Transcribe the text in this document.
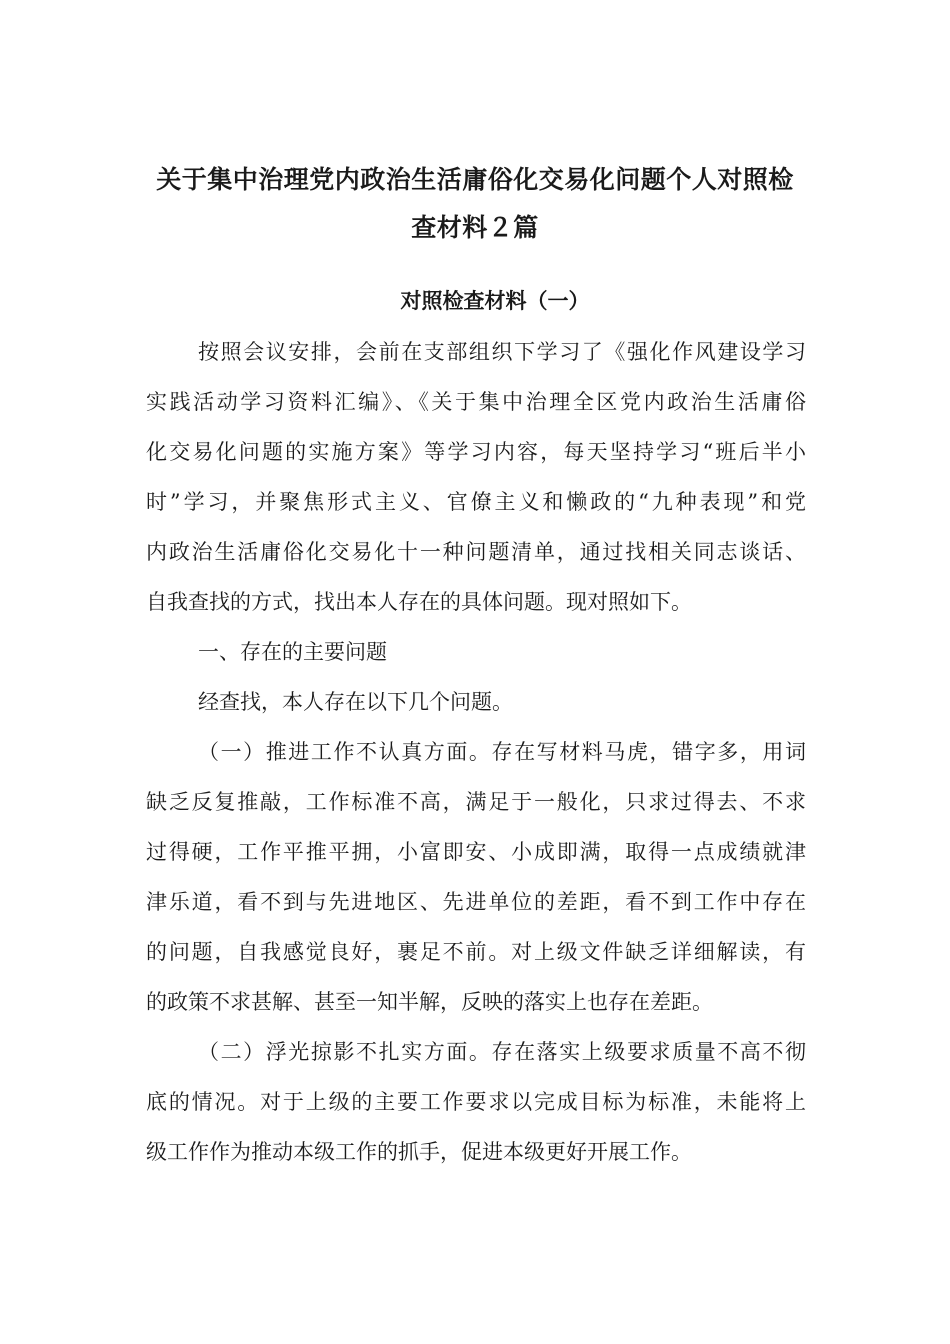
关于集中治理党内政治生活庸俗化交易化问题个人对照检
查材料２篇
对照检查材料（一）

按照会议安排，会前在支部组织下学习了《强化作风建设学习

实践活动学习资料汇编》、《关于集中治理全区党内政治生活庸俗

化交易化问题的实施方案》等学习内容，每天坚持学习“班后半小

时”学习，并聚焦形式主义、官僚主义和懒政的“九种表现”和党

内政治生活庸俗化交易化十一种问题清单，通过找相关同志谈话、

自我查找的方式，找出本人存在的具体问题。现对照如下。

一、存在的主要问题

经查找，本人存在以下几个问题。

（一）推进工作不认真方面。存在写材料马虎，错字多，用词

缺乏反复推敲，工作标准不高，满足于一般化，只求过得去、不求

过得硬，工作平推平拥，小富即安、小成即满，取得一点成绩就津

津乐道，看不到与先进地区、先进单位的差距，看不到工作中存在

的问题，自我感觉良好，裹足不前。对上级文件缺乏详细解读，有

的政策不求甚解、甚至一知半解，反映的落实上也存在差距。

（二）浮光掠影不扎实方面。存在落实上级要求质量不高不彻

底的情况。对于上级的主要工作要求以完成目标为标准，未能将上

级工作作为推动本级工作的抓手，促进本级更好开展工作。
